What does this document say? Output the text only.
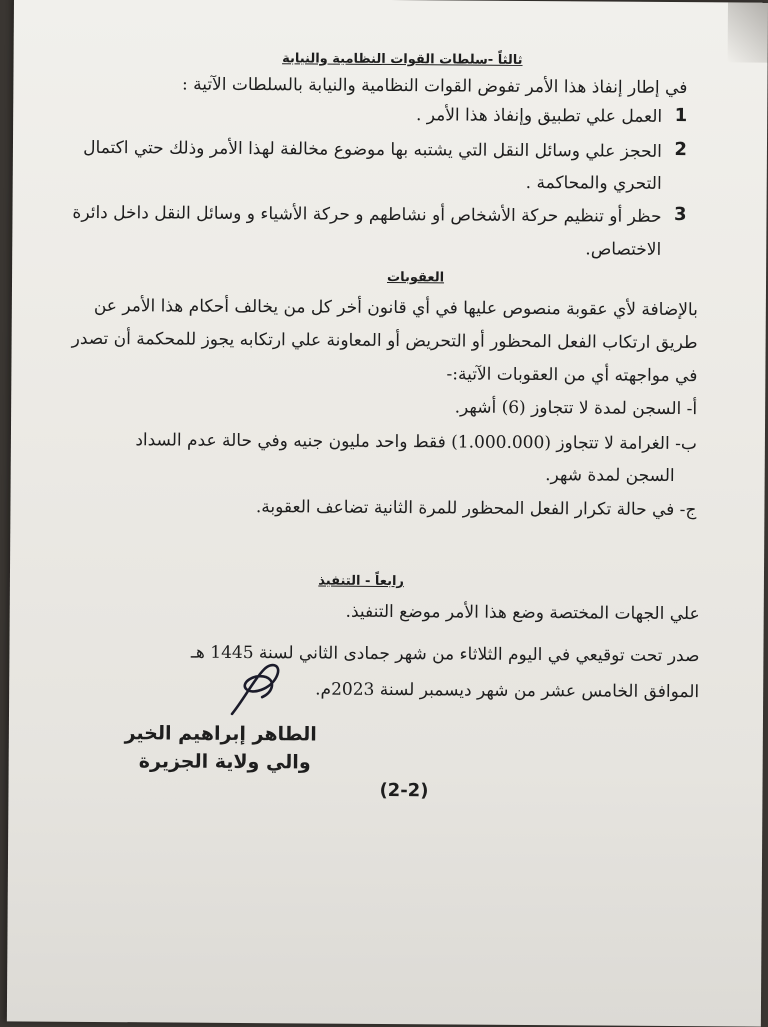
ثالثاً -سلطات القوات النظامية والنيابة
في إطار إنفاذ هذا الأمر تفوض القوات النظامية والنيابة بالسلطات الآتية :
1
العمل علي تطبيق وإنفاذ هذا الأمر .
2
الحجز علي وسائل النقل التي يشتبه بها موضوع مخالفة لهذا الأمر وذلك حتي اكتمال
التحري والمحاكمة .
3
حظر أو تنظيم حركة الأشخاص أو نشاطهم و حركة الأشياء و وسائل النقل داخل دائرة
الاختصاص.
العقوبات
بالإضافة لأي عقوبة منصوص عليها في أي قانون أخر كل من يخالف أحكام هذا الأمر عن
طريق ارتكاب الفعل المحظور أو التحريض أو المعاونة علي ارتكابه يجوز للمحكمة أن تصدر
في مواجهته أي من العقوبات الآتية:-
أ- السجن لمدة لا تتجاوز (6) أشهر.
ب- الغرامة لا تتجاوز (1.000.000) فقط واحد مليون جنيه وفي حالة عدم السداد
السجن لمدة شهر.
ج- في حالة تكرار الفعل المحظور للمرة الثانية تضاعف العقوبة.
رابعاً - التنفيذ
علي الجهات المختصة وضع هذا الأمر موضع التنفيذ.
صدر تحت توقيعي في اليوم الثلاثاء من شهر جمادى الثاني لسنة 1445 هـ
الموافق الخامس عشر من شهر ديسمبر لسنة 2023م.
الطاهر إبراهيم الخير
والي ولاية الجزيرة
(2-2)
